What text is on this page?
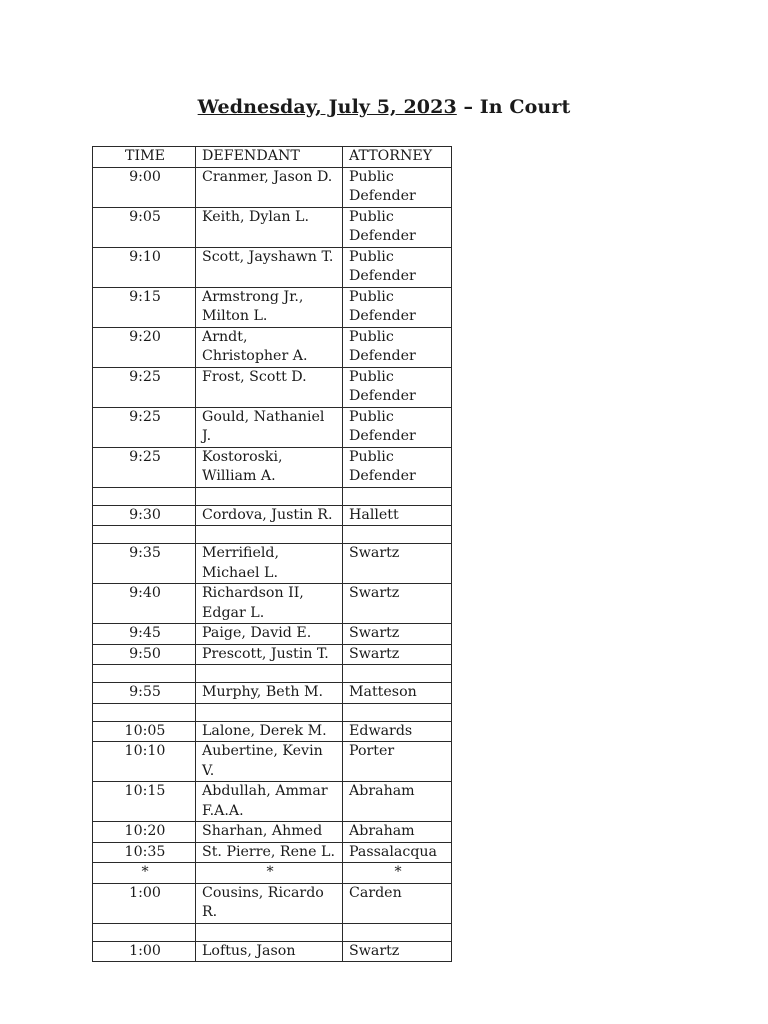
Wednesday, July 5, 2023 – In Court
TIME	DEFENDANT	ATTORNEY
9:00	Cranmer, Jason D.	Public Defender
9:05	Keith, Dylan L.	Public Defender
9:10	Scott, Jayshawn T.	Public Defender
9:15	Armstrong Jr., Milton L.	Public Defender
9:20	Arndt, Christopher A.	Public Defender
9:25	Frost, Scott D.	Public Defender
9:25	Gould, Nathaniel J.	Public Defender
9:25	Kostoroski, William A.	Public Defender

9:30	Cordova, Justin R.	Hallett

9:35	Merrifield, Michael L.	Swartz
9:40	Richardson II, Edgar L.	Swartz
9:45	Paige, David E.	Swartz
9:50	Prescott, Justin T.	Swartz

9:55	Murphy, Beth M.	Matteson

10:05	Lalone, Derek M.	Edwards
10:10	Aubertine, Kevin V.	Porter
10:15	Abdullah, Ammar F.A.A.	Abraham
10:20	Sharhan, Ahmed	Abraham
10:35	St. Pierre, Rene L.	Passalacqua
*	*	*
1:00	Cousins, Ricardo R.	Carden

1:00	Loftus, Jason	Swartz
